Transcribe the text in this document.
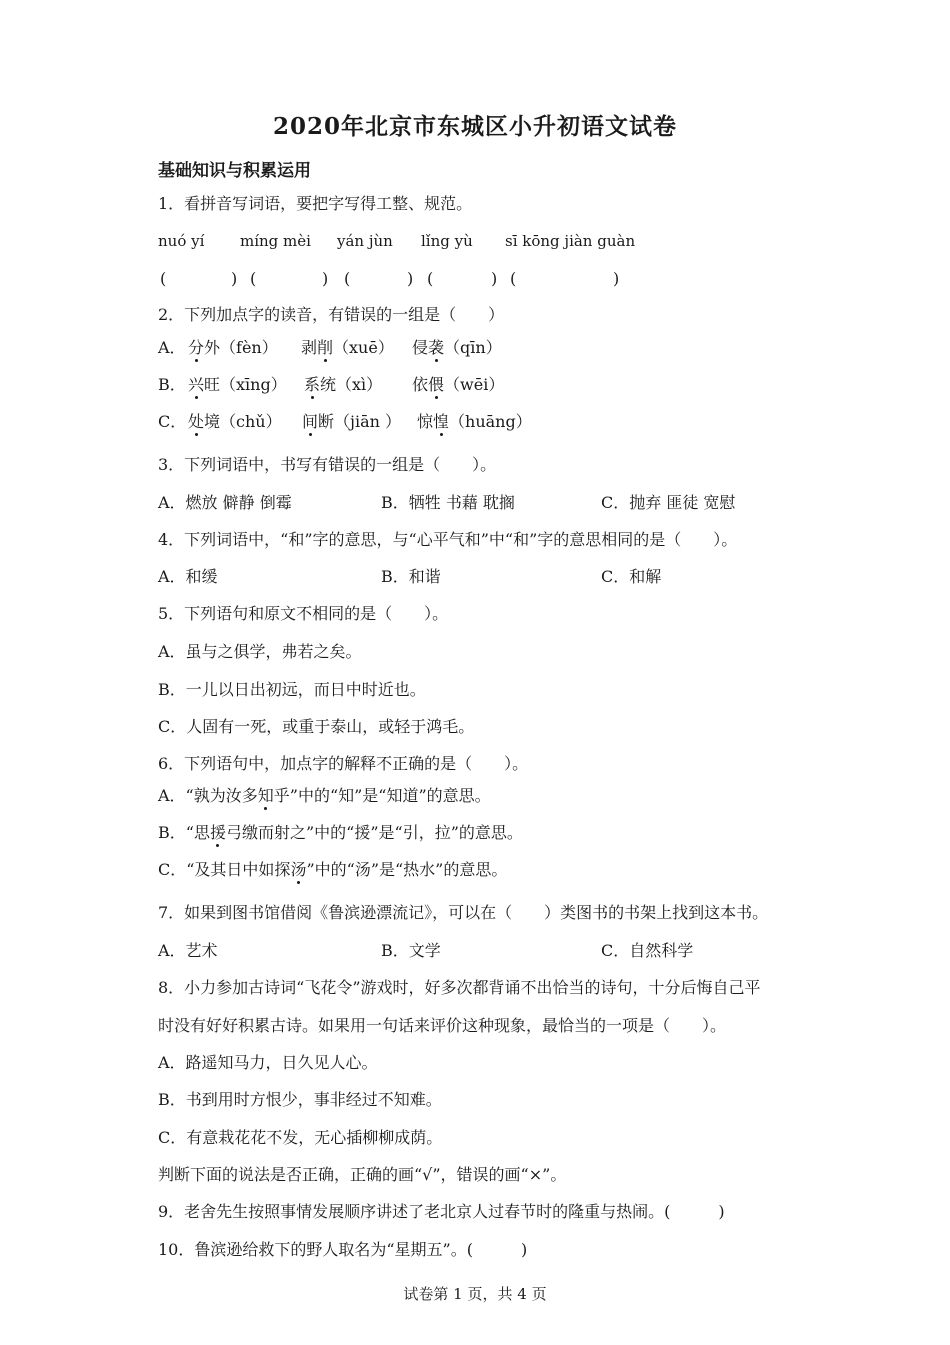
2020年北京市东城区小升初语文试卷
基础知识与积累运用
1．看拼音写词语，要把字写得工整、规范。
nuó yí míng mèi yán jùn lǐng yù sī kōng jiàn guàn
(	) (	) (	) (	) (	)
2．下列加点字的读音，有错误的一组是（　　）
A． 分外（fèn） 剥削（xuē） 侵袭（qīn）
B． 兴旺（xīng） 系统（xì） 依偎（wēi）
C． 处境（chǔ） 间断（jiān ） 惊惶（huāng）
3．下列词语中，书写有错误的一组是（　　）。
A．燃放 僻静 倒霉	B．牺牲 书藉 耽搁	C．抛弃 匪徒 宽慰
4．下列词语中，“和”字的意思，与“心平气和”中“和”字的意思相同的是（　　）。
A．和缓	B．和谐	C．和解
5．下列语句和原文不相同的是（　　）。
A．虽与之俱学，弗若之矣。
B．一儿以日出初远，而日中时近也。
C．人固有一死，或重于泰山，或轻于鸿毛。
6．下列语句中，加点字的解释不正确的是（　　）。
A．“孰为汝多知乎”中的“知”是“知道”的意思。
B．“思援弓缴而射之”中的“援”是“引，拉”的意思。
C．“及其日中如探汤”中的“汤”是“热水”的意思。
7．如果到图书馆借阅《鲁滨逊漂流记》，可以在（　　）类图书的书架上找到这本书。
A．艺术	B．文学	C．自然科学
8．小力参加古诗词“飞花令”游戏时，好多次都背诵不出恰当的诗句，十分后悔自己平
时没有好好积累古诗。如果用一句话来评价这种现象，最恰当的一项是（　　）。
A．路遥知马力，日久见人心。
B．书到用时方恨少，事非经过不知难。
C．有意栽花花不发，无心插柳柳成荫。
判断下面的说法是否正确，正确的画“√”，错误的画“×”。
9．老舍先生按照事情发展顺序讲述了老北京人过春节时的隆重与热闹。(　　　)
10．鲁滨逊给救下的野人取名为“星期五”。(　　　)
试卷第 1 页，共 4 页
